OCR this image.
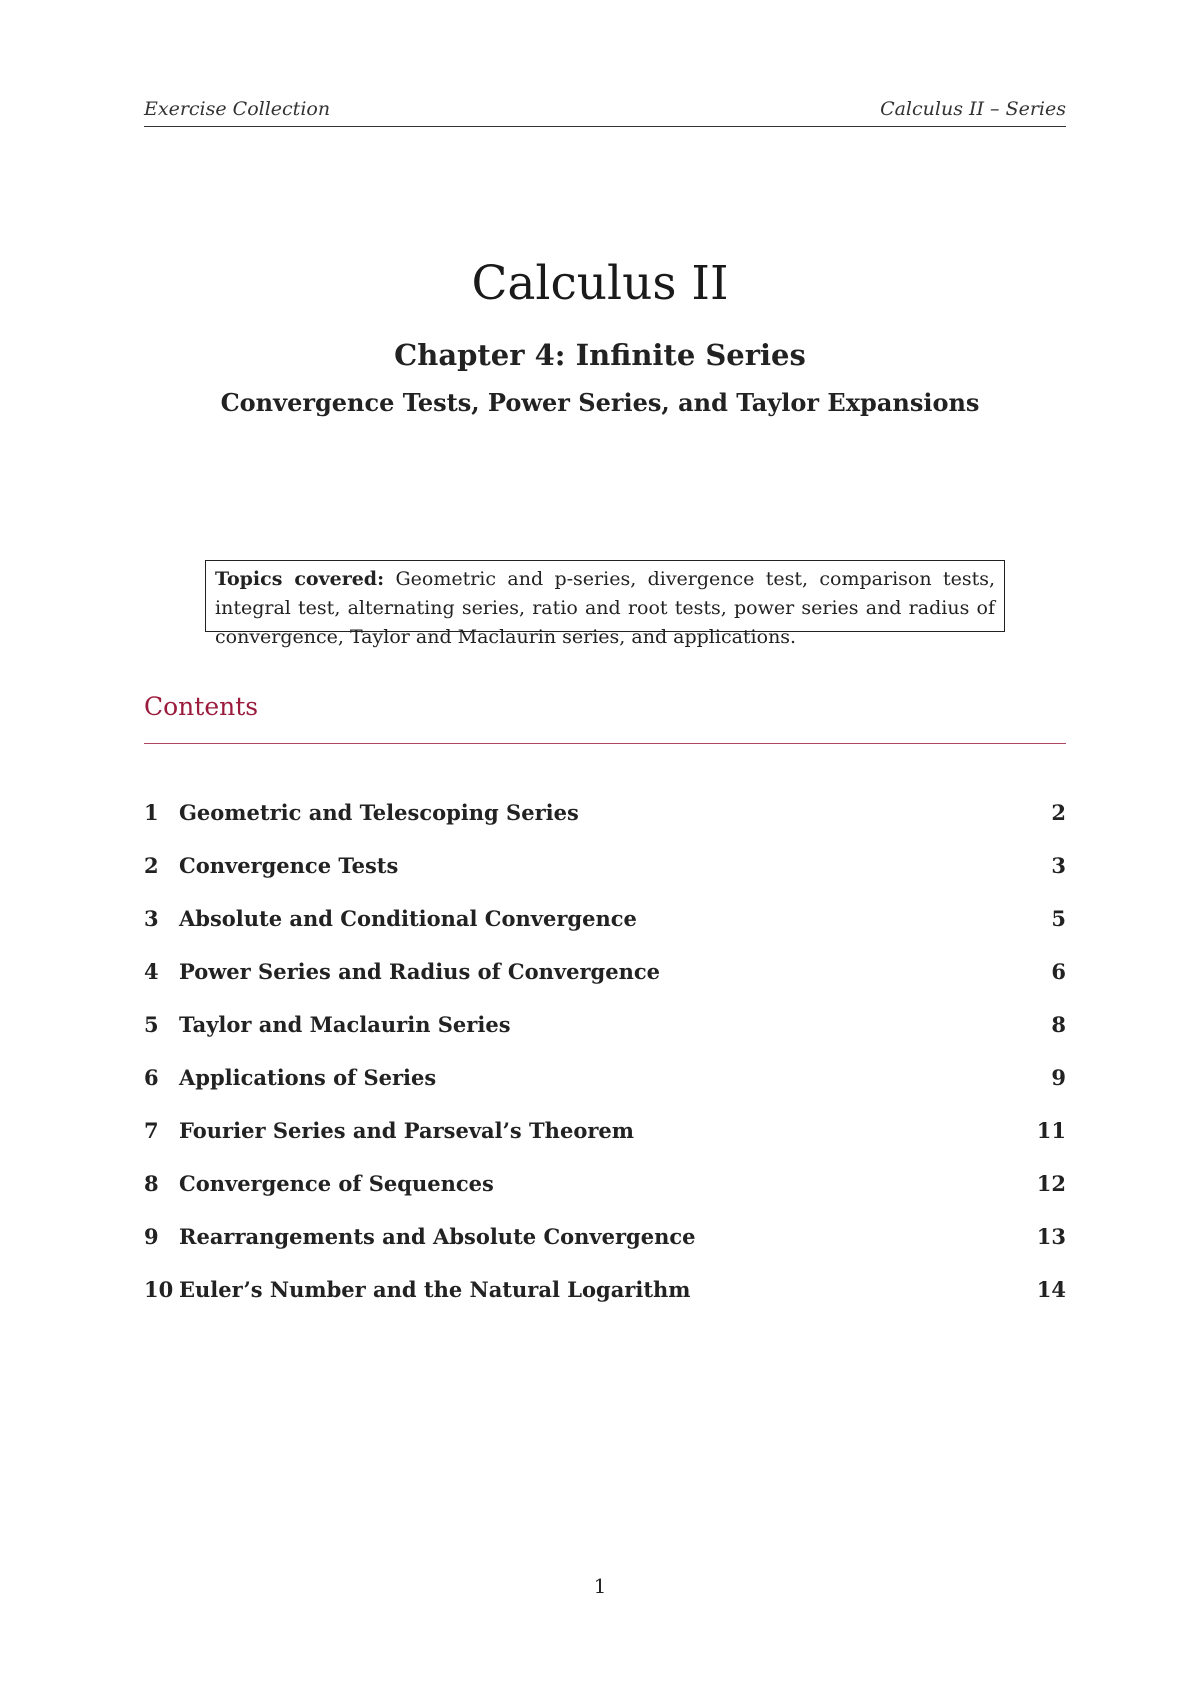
Exercise Collection	Calculus II – Series
Calculus II
Chapter 4: Infinite Series
Convergence Tests, Power Series, and Taylor Expansions
Topics covered: Geometric and p-series, divergence test, comparison tests, integral test, alternating series, ratio and root tests, power series and radius of convergence, Taylor and Maclaurin series, and applications.
Contents
1 Geometric and Telescoping Series	2
2 Convergence Tests	3
3 Absolute and Conditional Convergence	5
4 Power Series and Radius of Convergence	6
5 Taylor and Maclaurin Series	8
6 Applications of Series	9
7 Fourier Series and Parseval’s Theorem	11
8 Convergence of Sequences	12
9 Rearrangements and Absolute Convergence	13
10 Euler’s Number and the Natural Logarithm	14
1
